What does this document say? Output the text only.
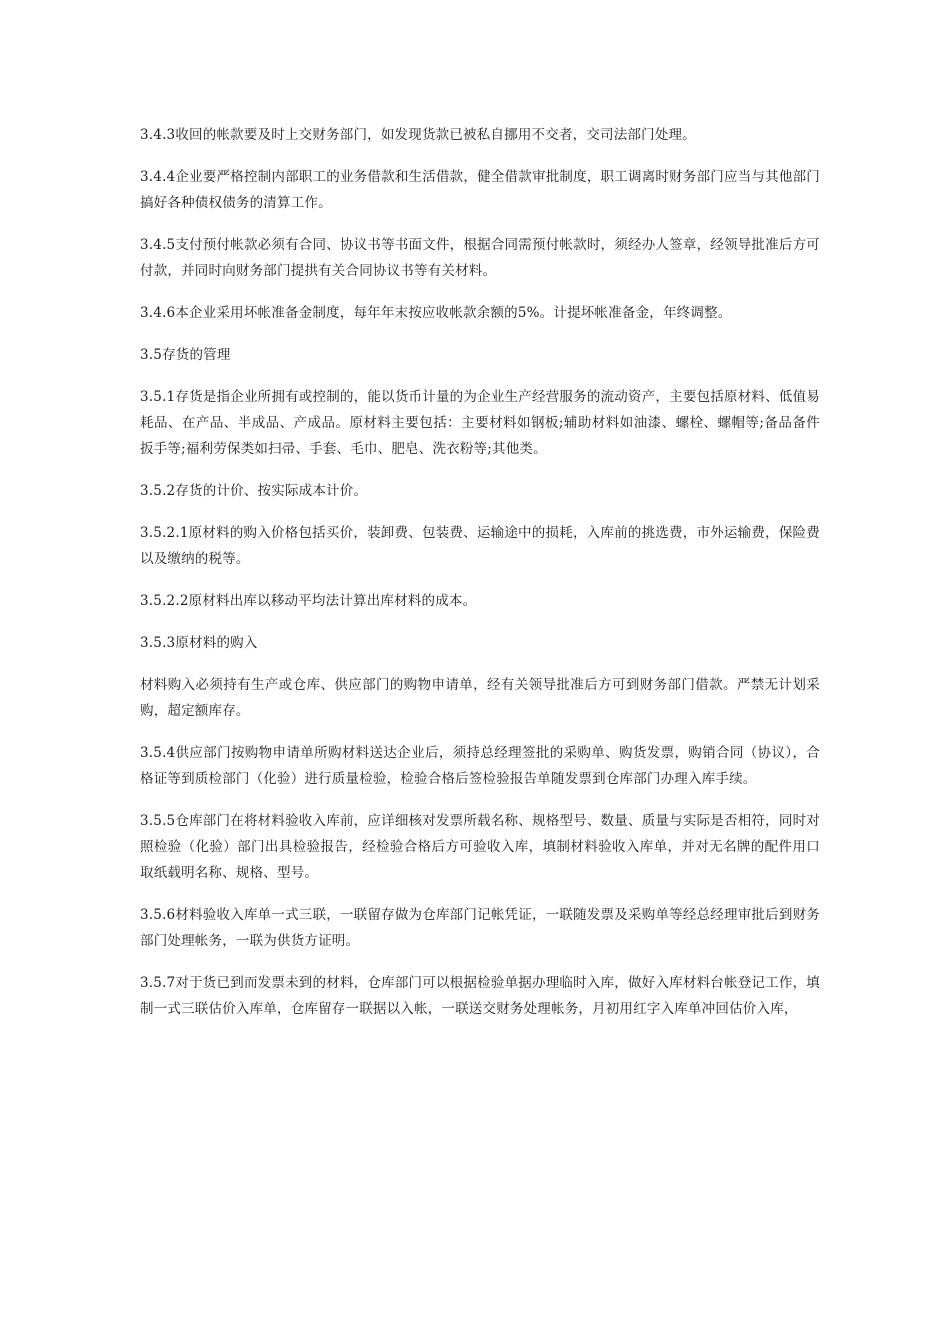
3.4.3收回的帐款要及时上交财务部门，如发现货款已被私自挪用不交者，交司法部门处理。

3.4.4企业要严格控制内部职工的业务借款和生活借款，健全借款审批制度，职工调离时财务部门应当与其他部门搞好各种债权债务的清算工作。

3.4.5支付预付帐款必须有合同、协议书等书面文件，根据合同需预付帐款时，须经办人签章，经领导批准后方可付款，并同时向财务部门提拱有关合同协议书等有关材料。

3.4.6本企业采用坏帐准备金制度，每年年末按应收帐款余额的5%。计提坏帐准备金，年终调整。

3.5存货的管理

3.5.1存货是指企业所拥有或控制的，能以货币计量的为企业生产经营服务的流动资产，主要包括原材料、低值易耗品、在产品、半成品、产成品。原材料主要包括：主要材料如钢板;辅助材料如油漆、螺栓、螺帽等;备品备件扳手等;福利劳保类如扫帚、手套、毛巾、肥皂、洗衣粉等;其他类。

3.5.2存货的计价、按实际成本计价。

3.5.2.1原材料的购入价格包括买价，装卸费、包装费、运输途中的损耗，入库前的挑选费，市外运输费，保险费以及缴纳的税等。

3.5.2.2原材料出库以移动平均法计算出库材料的成本。

3.5.3原材料的购入

材料购入必须持有生产或仓库、供应部门的购物申请单，经有关领导批准后方可到财务部门借款。严禁无计划采购，超定额库存。

3.5.4供应部门按购物申请单所购材料送达企业后，须持总经理签批的采购单、购货发票，购销合同（协议），合格证等到质检部门（化验）进行质量检验，检验合格后签检验报告单随发票到仓库部门办理入库手续。

3.5.5仓库部门在将材料验收入库前，应详细核对发票所载名称、规格型号、数量、质量与实际是否相符，同时对照检验（化验）部门出具检验报告，经检验合格后方可验收入库，填制材料验收入库单，并对无名牌的配件用口取纸载明名称、规格、型号。

3.5.6材料验收入库单一式三联，一联留存做为仓库部门记帐凭证，一联随发票及采购单等经总经理审批后到财务部门处理帐务，一联为供货方证明。

3.5.7对于货已到而发票未到的材料，仓库部门可以根据检验单据办理临时入库，做好入库材料台帐登记工作，填制一式三联估价入库单，仓库留存一联据以入帐，一联送交财务处理帐务，月初用红字入库单冲回估价入库，
